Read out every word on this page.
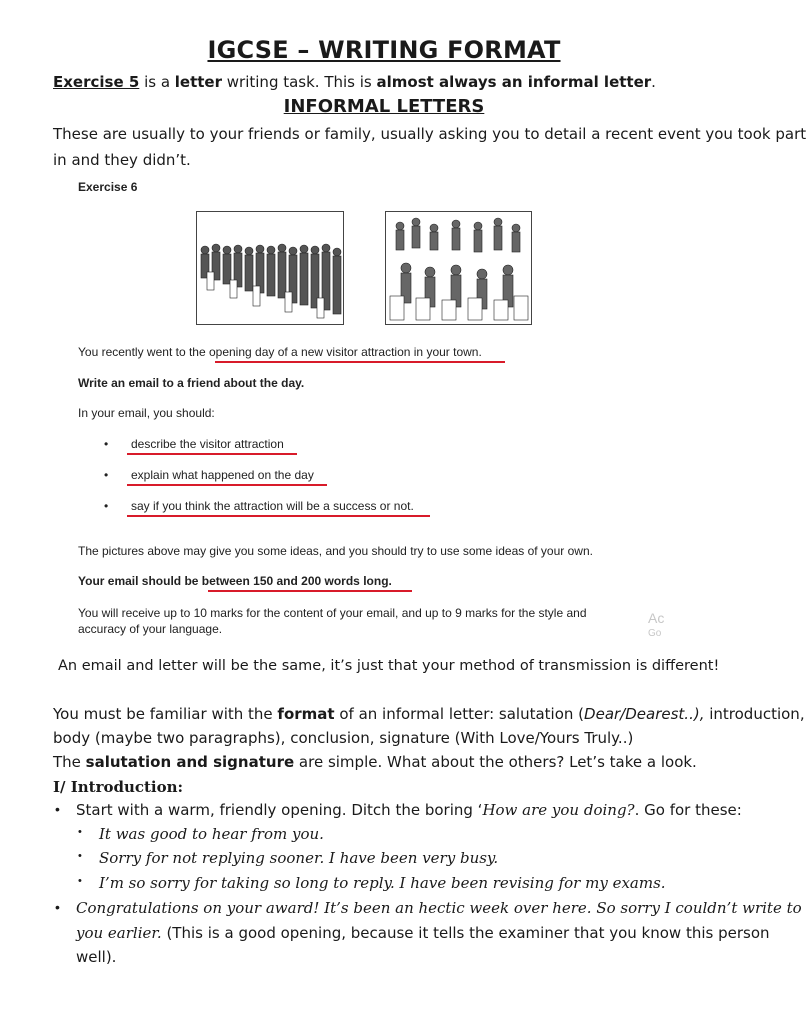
IGCSE – WRITING FORMAT
Exercise 5 is a letter writing task. This is almost always an informal letter.
INFORMAL LETTERS
These are usually to your friends or family, usually asking you to detail a recent event you took part
in and they didn’t.
Exercise 6
You recently went to the opening day of a new visitor attraction in your town.
Write an email to a friend about the day.
In your email, you should:
• describe the visitor attraction
• explain what happened on the day
• say if you think the attraction will be a success or not.
The pictures above may give you some ideas, and you should try to use some ideas of your own.
Your email should be between 150 and 200 words long.
You will receive up to 10 marks for the content of your email, and up to 9 marks for the style and
accuracy of your language.
Ac
Go
An email and letter will be the same, it’s just that your method of transmission is different!
You must be familiar with the format of an informal letter: salutation (Dear/Dearest..), introduction,
body (maybe two paragraphs), conclusion, signature (With Love/Yours Truly..)
The salutation and signature are simple. What about the others? Let’s take a look.
I/ Introduction:
• Start with a warm, friendly opening. Ditch the boring ‘How are you doing?. Go for these:
• It was good to hear from you.
• Sorry for not replying sooner. I have been very busy.
• I’m so sorry for taking so long to reply. I have been revising for my exams.
• Congratulations on your award! It’s been an hectic week over here. So sorry I couldn’t write to
you earlier. (This is a good opening, because it tells the examiner that you know this person
well).
